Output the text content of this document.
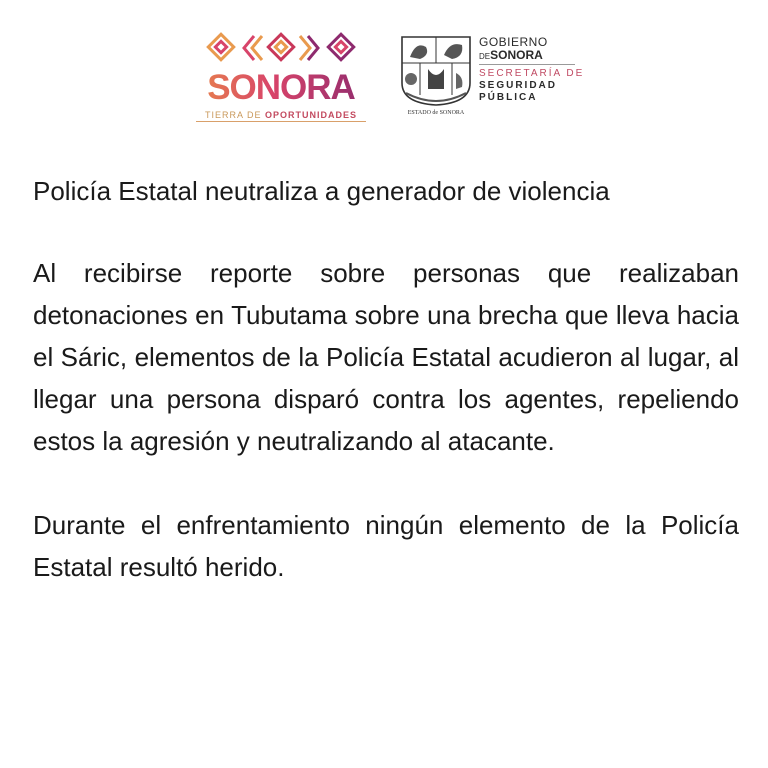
SONORA
TIERRA DE OPORTUNIDADES	ESTADO de SONORA
GOBIERNO
DESONORA
SECRETARÍA DE
SEGURIDAD
PÚBLICA
Policía Estatal neutraliza a generador de violencia

Al recibirse reporte sobre personas que realizaban detonaciones en Tubutama sobre una brecha que lleva hacia el Sáric, elementos de la Policía Estatal acudieron al lugar, al llegar una persona disparó contra los agentes, repeliendo estos la agresión y neutralizando al atacante.

Durante el enfrentamiento ningún elemento de la Policía Estatal resultó herido.
